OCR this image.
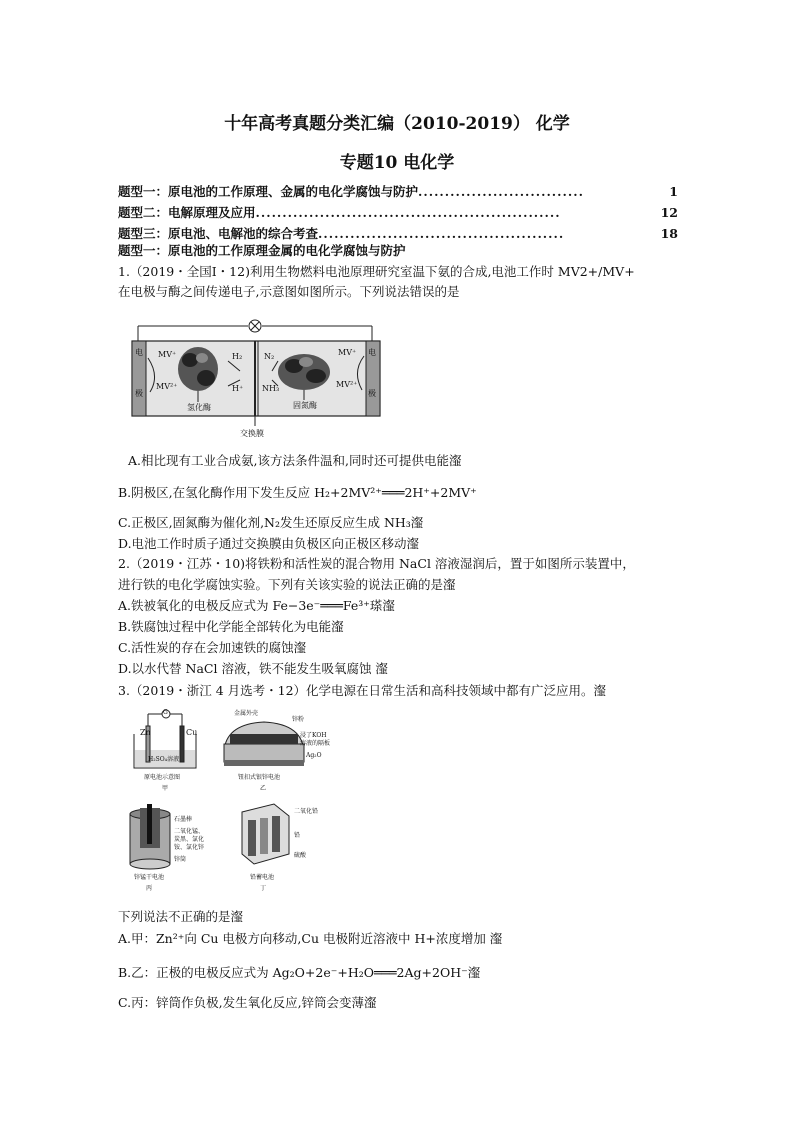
十年高考真题分类汇编（2010-2019） 化学
专题10 电化学
题型一：原电池的工作原理、金属的电化学腐蚀与防护 ...............................	1
题型二：电解原理及应用 .........................................................	12
题型三：原电池、电解池的综合考查 ..............................................	18
题型一：原电池的工作原理金属的电化学腐蚀与防护
1.（2019・全国Ⅰ・12)利用生物燃料电池原理研究室温下氨的合成,电池工作时 MV2+/MV+
在电极与酶之间传递电子,示意图如图所示。下列说法错误的是
电
极
电
极
MV⁺
MV²⁺
H₂
H⁺
N₂
NH₃
MV⁺
MV²⁺
氢化酶	固氮酶
交换膜
A.相比现有工业合成氨,该方法条件温和,同时还可提供电能瀣
B.阴极区,在氢化酶作用下发生反应 H₂+2MV²⁺═══2H⁺+2MV⁺
C.正极区,固氮酶为催化剂,N₂发生还原反应生成 NH₃瀣
D.电池工作时质子通过交换膜由负极区向正极区移动瀣
2.（2019・江苏・10)将铁粉和活性炭的混合物用 NaCl 溶液湿润后，置于如图所示装置中，
进行铁的电化学腐蚀实验。下列有关该实验的说法正确的是瀣
A.铁被氧化的电极反应式为 Fe−3e⁻═══Fe³⁺瑹瀣
B.铁腐蚀过程中化学能全部转化为电能瀣
C.活性炭的存在会加速铁的腐蚀瀣
D.以水代替 NaCl 溶液，铁不能发生吸氧腐蚀 瀣
3.（2019・浙江 4 月选考・12）化学电源在日常生活和高科技领域中都有广泛应用。瀣
Zn	Cu
G
H₂SO₄溶液
原电池示意图
甲
金属外壳
锌粉
浸了KOH
溶液的隔板
Ag₂O
钮扣式银锌电池
乙
石墨棒
二氧化锰、
炭黑、氯化
铵、氯化锌
锌筒
锌锰干电池
丙
二氧化铅
铅
硫酸
铅蓄电池
丁
下列说法不正确的是瀣
A.甲：Zn²⁺向 Cu 电极方向移动,Cu 电极附近溶液中 H+浓度增加 瀣
B.乙：正极的电极反应式为 Ag₂O+2e⁻+H₂O═══2Ag+2OH⁻瀣
C.丙：锌筒作负极,发生氧化反应,锌筒会变薄瀣
